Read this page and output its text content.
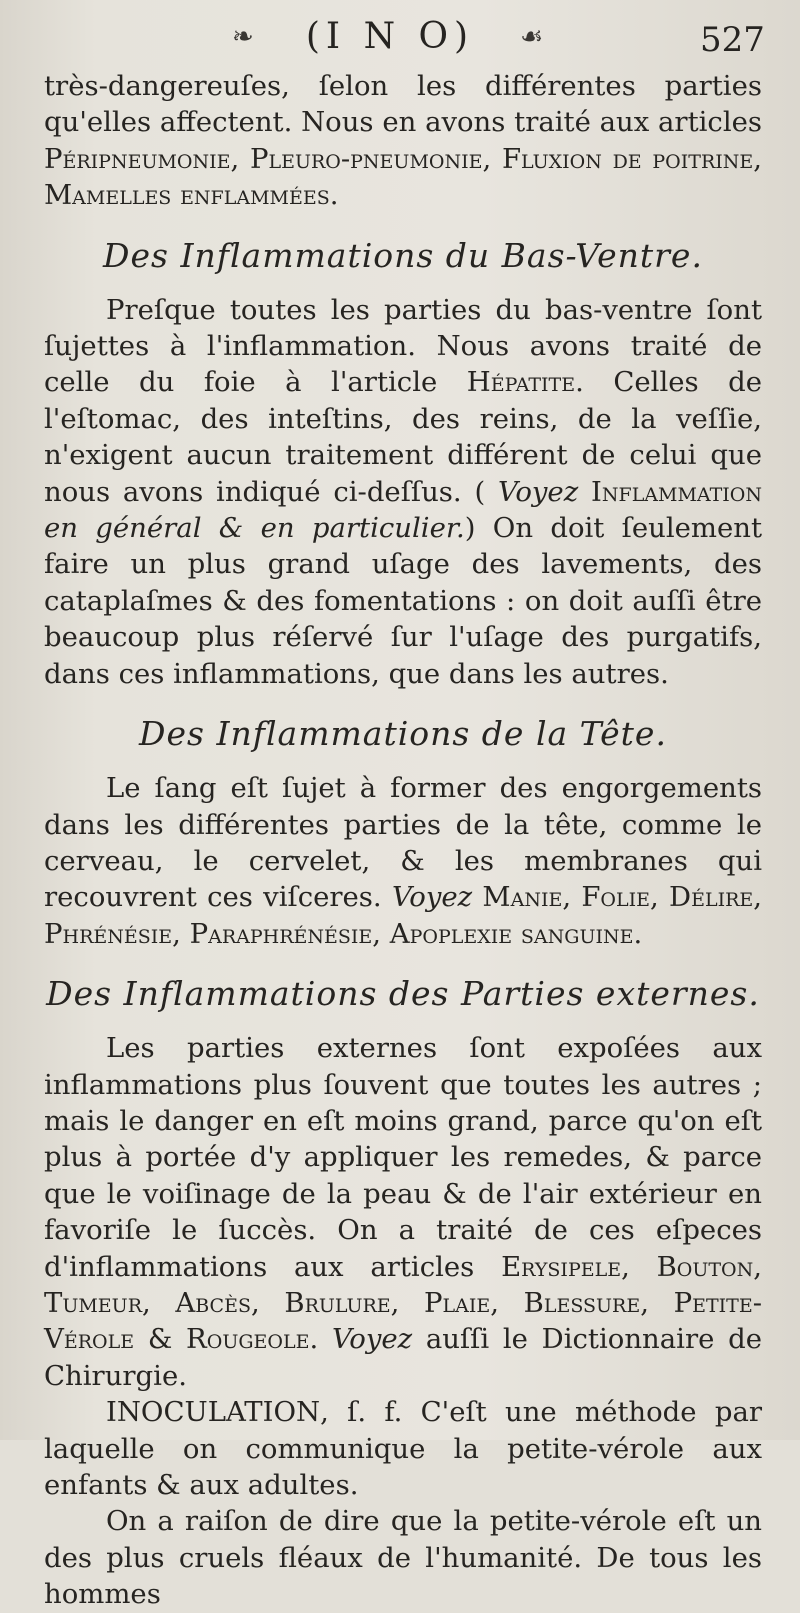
❧	(I N O)	☙	527

très-dangereuſes, ſelon les différentes parties qu'elles affectent. Nous en avons traité aux articles Péripneumonie, Pleuro-pneumonie, Fluxion de poitrine, Mamelles enflammées.

Des Inflammations du Bas-Ventre.

Preſque toutes les parties du bas-ventre ſont ſujettes à l'inflammation. Nous avons traité de celle du foie à l'article Hépatite. Celles de l'eſtomac, des inteſtins, des reins, de la veſſie, n'exigent aucun traitement différent de celui que nous avons indiqué ci-deſſus. ( Voyez Inflammation en général & en particulier.) On doit ſeulement faire un plus grand uſage des lavements, des cataplaſmes & des fomentations : on doit auſſi être beaucoup plus réſervé ſur l'uſage des purgatifs, dans ces inflammations, que dans les autres.

Des Inflammations de la Tête.

Le ſang eſt ſujet à former des engorgements dans les différentes parties de la tête, comme le cerveau, le cervelet, & les membranes qui recouvrent ces viſceres. Voyez Manie, Folie, Délire, Phrénésie, Paraphrénésie, Apoplexie sanguine.

Des Inflammations des Parties externes.

Les parties externes ſont expoſées aux inflammations plus ſouvent que toutes les autres ; mais le danger en eſt moins grand, parce qu'on eſt plus à portée d'y appliquer les remedes, & parce que le voiſinage de la peau & de l'air extérieur en favoriſe le ſuccès. On a traité de ces eſpeces d'inflammations aux articles Erysipele, Bouton, Tumeur, Abcès, Brulure, Plaie, Blessure, Petite-Vérole & Rougeole. Voyez auſſi le Dictionnaire de Chirurgie.

INOCULATION, ſ. f. C'eſt une méthode par laquelle on communique la petite-vérole aux enfants & aux adultes.

On a raiſon de dire que la petite-vérole eſt un des plus cruels fléaux de l'humanité. De tous les hommes
